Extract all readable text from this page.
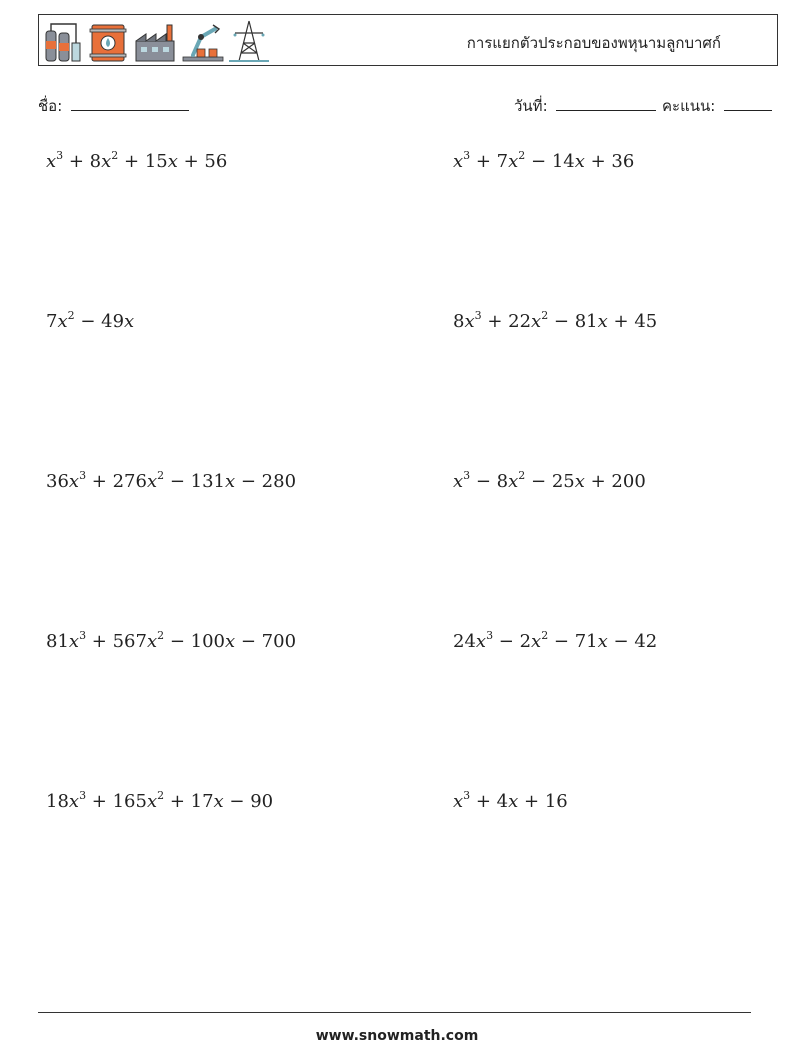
การแยกตัวประกอบของพหุนามลูกบาศก์
ชื่อ:	วันที่:	คะแนน:
$x^3 + 8x^2 + 15x + 56$	$x^3 + 7x^2 - 14x + 36$
$7x^2 - 49x$	$8x^3 + 22x^2 - 81x + 45$
$36x^3 + 276x^2 - 131x - 280$	$x^3 - 8x^2 - 25x + 200$
$81x^3 + 567x^2 - 100x - 700$	$24x^3 - 2x^2 - 71x - 42$
$18x^3 + 165x^2 + 17x - 90$	$x^3 + 4x + 16$
www.snowmath.com
